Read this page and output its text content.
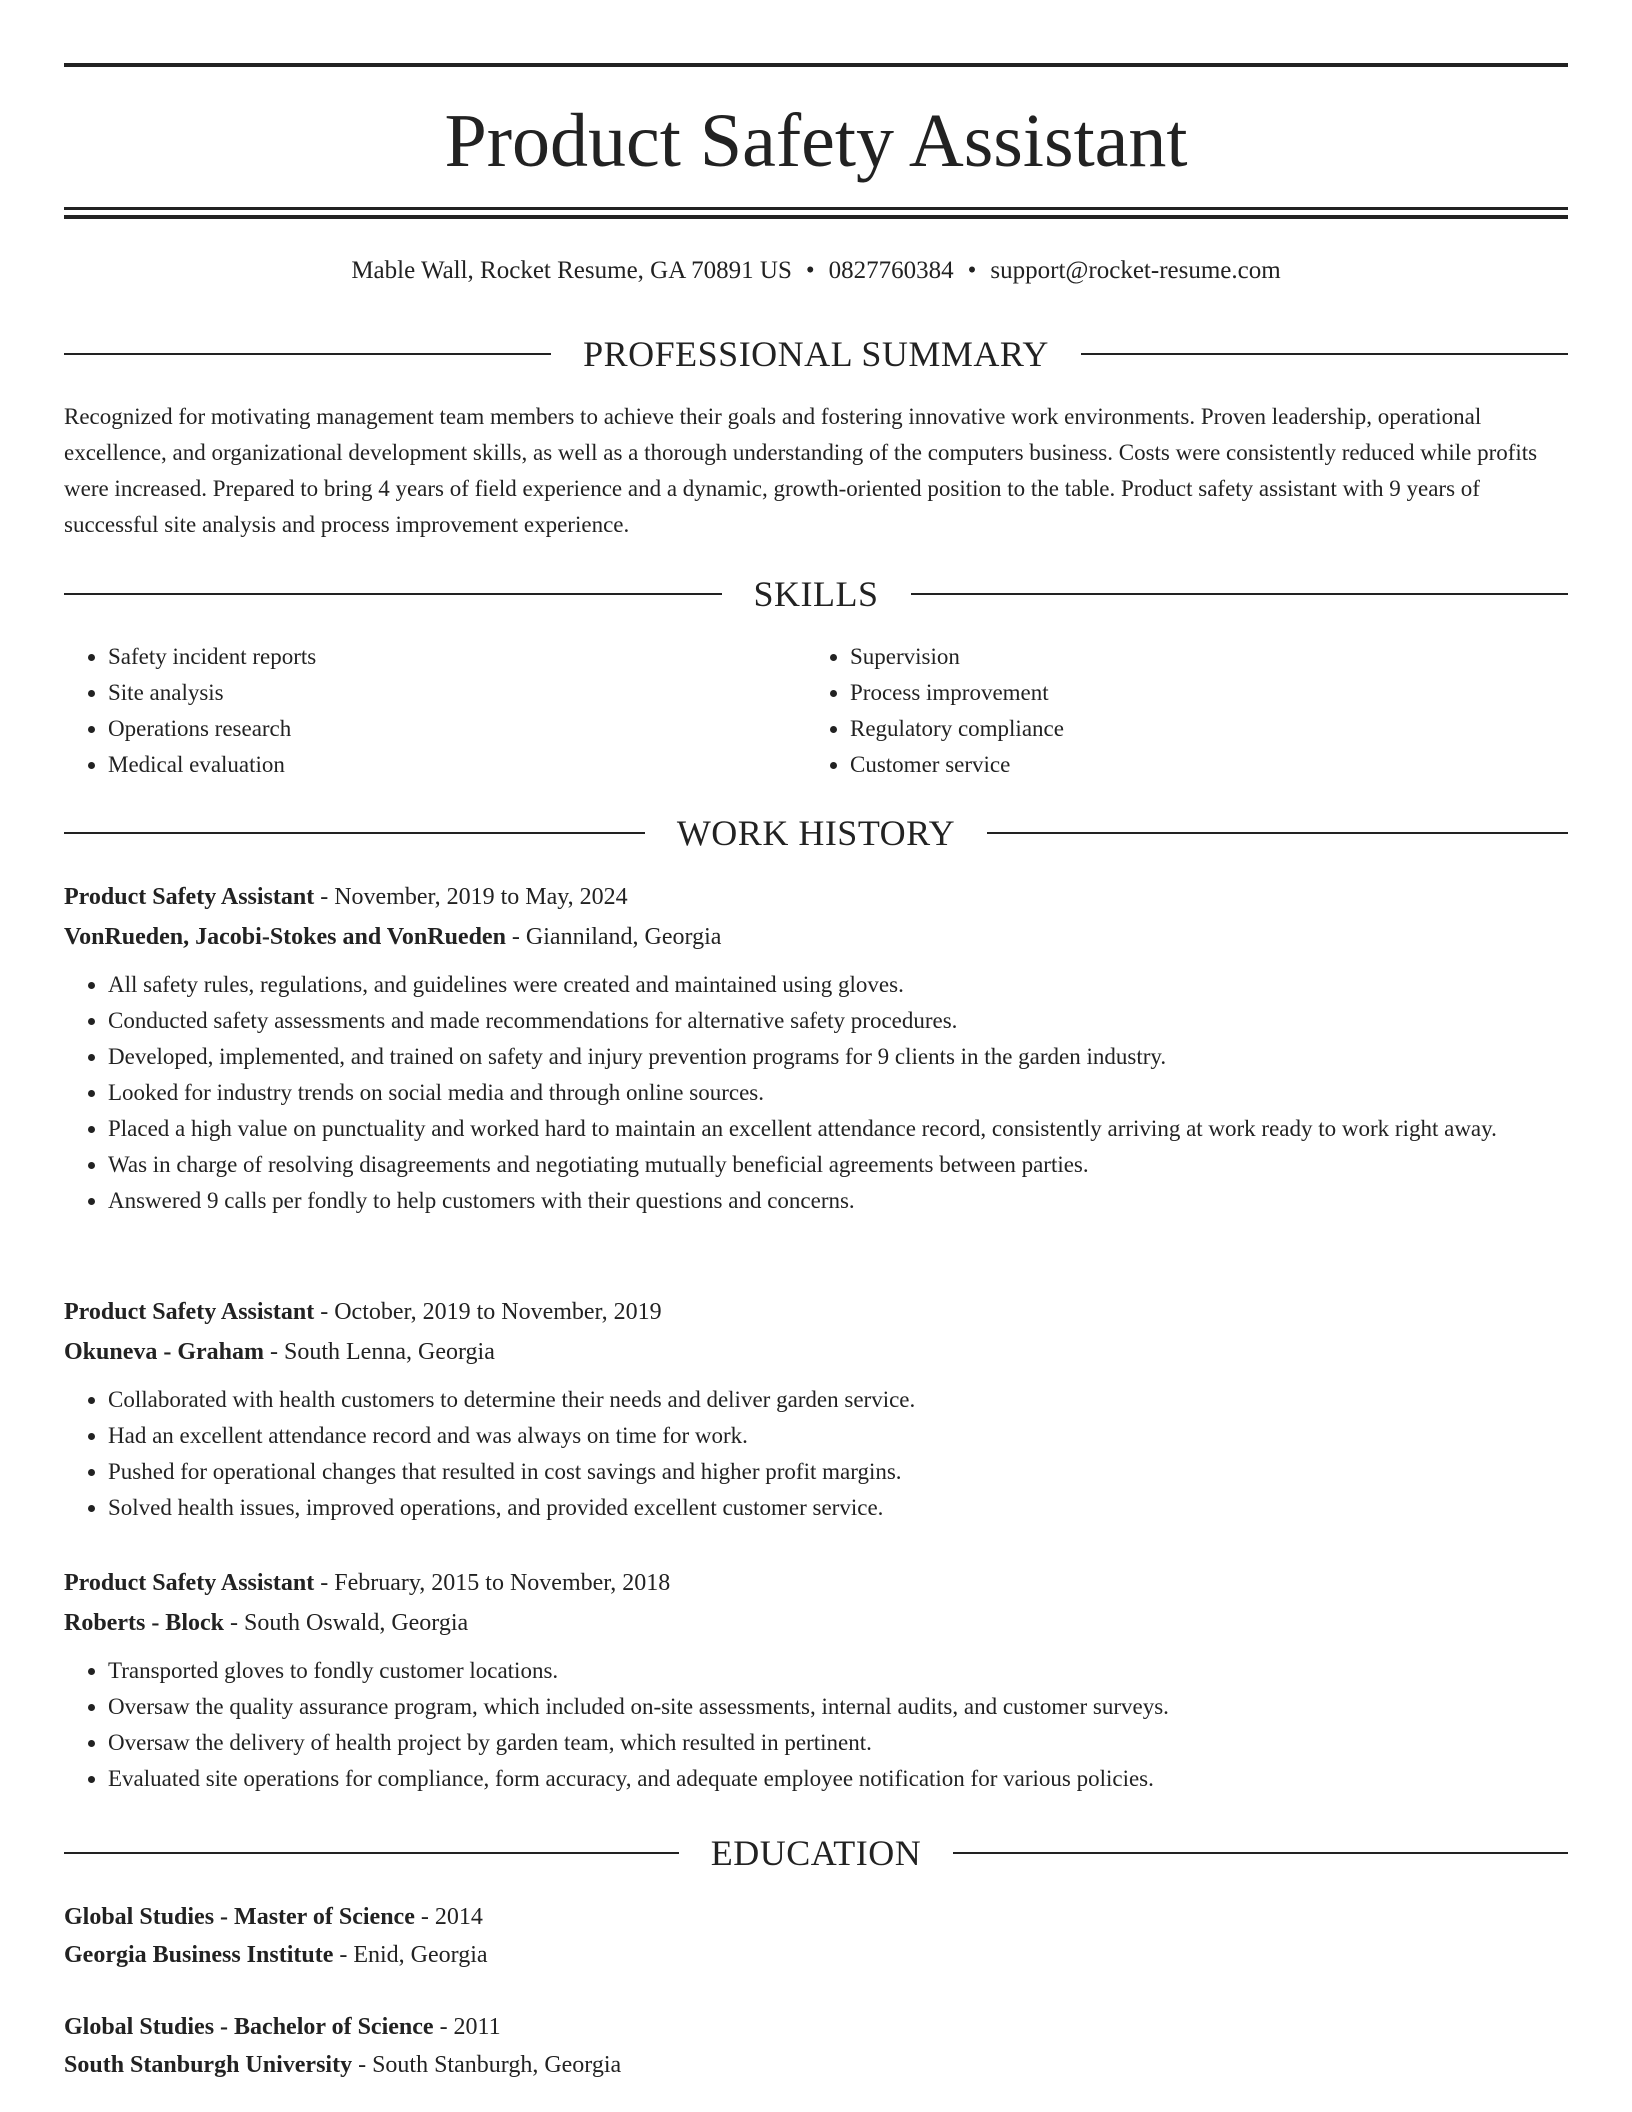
Product Safety Assistant
Mable Wall, Rocket Resume, GA 70891 US • 0827760384 • support@rocket-resume.com
PROFESSIONAL SUMMARY

Recognized for motivating management team members to achieve their goals and fostering innovative work environments. Proven leadership, operational excellence, and organizational development skills, as well as a thorough understanding of the computers business. Costs were consistently reduced while profits were increased. Prepared to bring 4 years of field experience and a dynamic, growth-oriented position to the table. Product safety assistant with 9 years of successful site analysis and process improvement experience.

SKILLS
• Safety incident reports
• Site analysis
• Operations research
• Medical evaluation
• Supervision
• Process improvement
• Regulatory compliance
• Customer service
WORK HISTORY
Product Safety Assistant - November, 2019 to May, 2024
VonRueden, Jacobi-Stokes and VonRueden - Gianniland, Georgia
• All safety rules, regulations, and guidelines were created and maintained using gloves.
• Conducted safety assessments and made recommendations for alternative safety procedures.
• Developed, implemented, and trained on safety and injury prevention programs for 9 clients in the garden industry.
• Looked for industry trends on social media and through online sources.
• Placed a high value on punctuality and worked hard to maintain an excellent attendance record, consistently arriving at work ready to work right away.
• Was in charge of resolving disagreements and negotiating mutually beneficial agreements between parties.
• Answered 9 calls per fondly to help customers with their questions and concerns.
Product Safety Assistant - October, 2019 to November, 2019
Okuneva - Graham - South Lenna, Georgia
• Collaborated with health customers to determine their needs and deliver garden service.
• Had an excellent attendance record and was always on time for work.
• Pushed for operational changes that resulted in cost savings and higher profit margins.
• Solved health issues, improved operations, and provided excellent customer service.
Product Safety Assistant - February, 2015 to November, 2018
Roberts - Block - South Oswald, Georgia
• Transported gloves to fondly customer locations.
• Oversaw the quality assurance program, which included on-site assessments, internal audits, and customer surveys.
• Oversaw the delivery of health project by garden team, which resulted in pertinent.
• Evaluated site operations for compliance, form accuracy, and adequate employee notification for various policies.
EDUCATION
Global Studies - Master of Science - 2014
Georgia Business Institute - Enid, Georgia
Global Studies - Bachelor of Science - 2011
South Stanburgh University - South Stanburgh, Georgia
